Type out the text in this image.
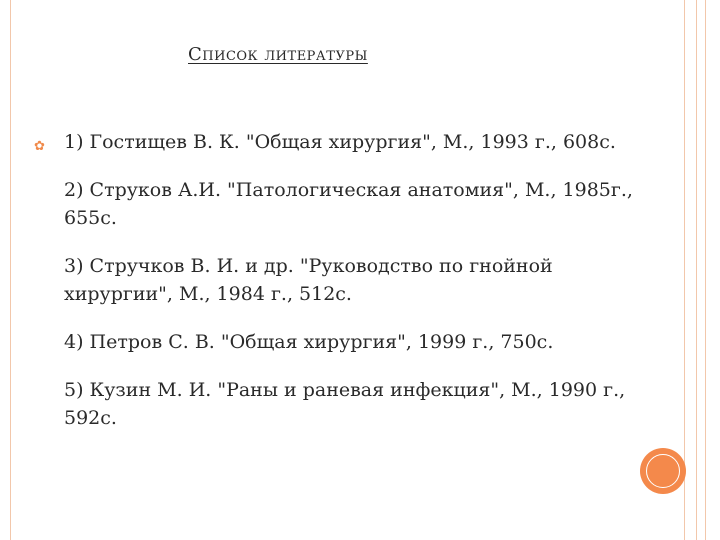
Список литературы
✿ 1) Гостищев В. К. "Общая хирургия", М., 1993 г., 608с.

2) Струков А.И. "Патологическая анатомия", М., 1985г., 655с.

3) Стручков В. И. и др. "Руководство по гнойной хирургии", М., 1984 г., 512с.

4) Петров С. В. "Общая хирургия", 1999 г., 750с.

5) Кузин М. И. "Раны и раневая инфекция", М., 1990 г., 592с.
